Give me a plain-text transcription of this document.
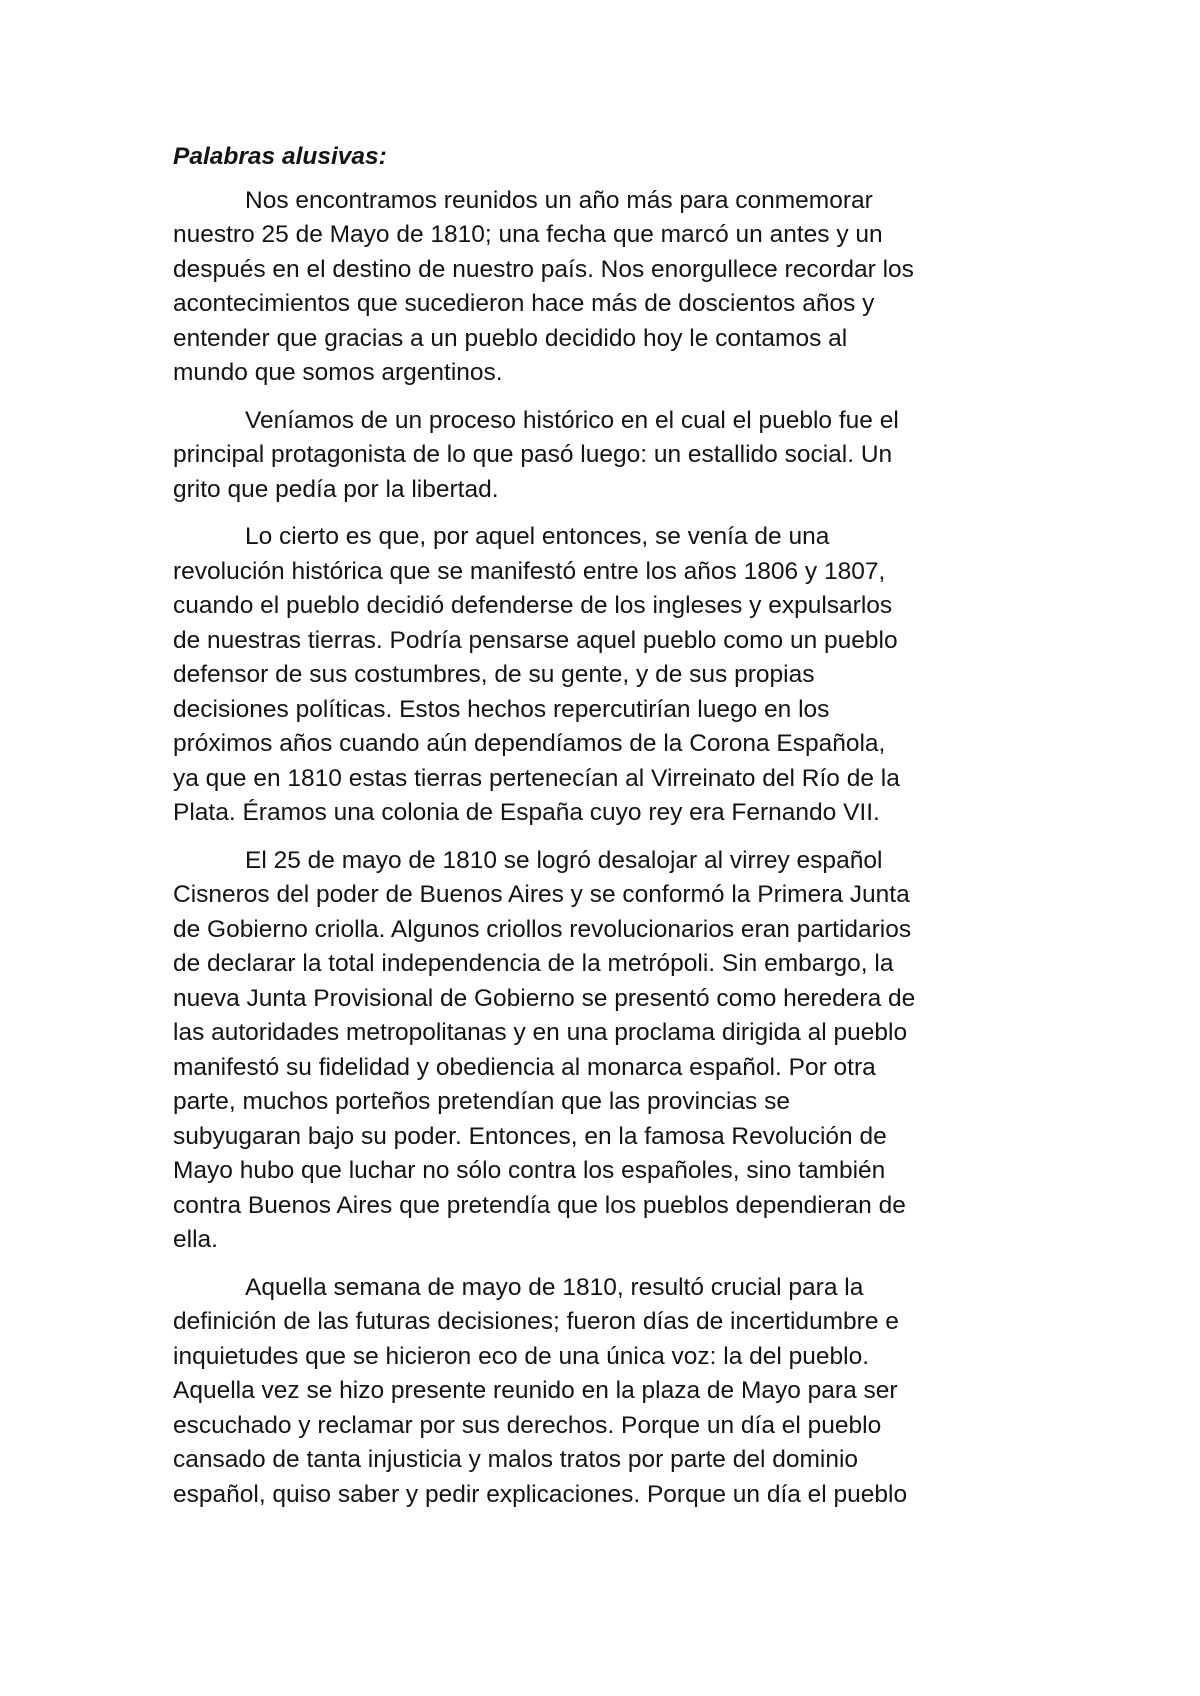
Palabras alusivas:
Nos encontramos reunidos un año más para conmemorar
nuestro 25 de Mayo de 1810; una fecha que marcó un antes y un
después en el destino de nuestro país. Nos enorgullece recordar los
acontecimientos que sucedieron hace más de doscientos años y
entender que gracias a un pueblo decidido hoy le contamos al
mundo que somos argentinos.
Veníamos de un proceso histórico en el cual el pueblo fue el
principal protagonista de lo que pasó luego: un estallido social. Un
grito que pedía por la libertad.
Lo cierto es que, por aquel entonces, se venía de una
revolución histórica que se manifestó entre los años 1806 y 1807,
cuando el pueblo decidió defenderse de los ingleses y expulsarlos
de nuestras tierras. Podría pensarse aquel pueblo como un pueblo
defensor de sus costumbres, de su gente, y de sus propias
decisiones políticas. Estos hechos repercutirían luego en los
próximos años cuando aún dependíamos de la Corona Española,
ya que en 1810 estas tierras pertenecían al Virreinato del Río de la
Plata. Éramos una colonia de España cuyo rey era Fernando VII.
El 25 de mayo de 1810 se logró desalojar al virrey español
Cisneros del poder de Buenos Aires y se conformó la Primera Junta
de Gobierno criolla. Algunos criollos revolucionarios eran partidarios
de declarar la total independencia de la metrópoli. Sin embargo, la
nueva Junta Provisional de Gobierno se presentó como heredera de
las autoridades metropolitanas y en una proclama dirigida al pueblo
manifestó su fidelidad y obediencia al monarca español. Por otra
parte, muchos porteños pretendían que las provincias se
subyugaran bajo su poder. Entonces, en la famosa Revolución de
Mayo hubo que luchar no sólo contra los españoles, sino también
contra Buenos Aires que pretendía que los pueblos dependieran de
ella.
Aquella semana de mayo de 1810, resultó crucial para la
definición de las futuras decisiones; fueron días de incertidumbre e
inquietudes que se hicieron eco de una única voz: la del pueblo.
Aquella vez se hizo presente reunido en la plaza de Mayo para ser
escuchado y reclamar por sus derechos. Porque un día el pueblo
cansado de tanta injusticia y malos tratos por parte del dominio
español, quiso saber y pedir explicaciones. Porque un día el pueblo
